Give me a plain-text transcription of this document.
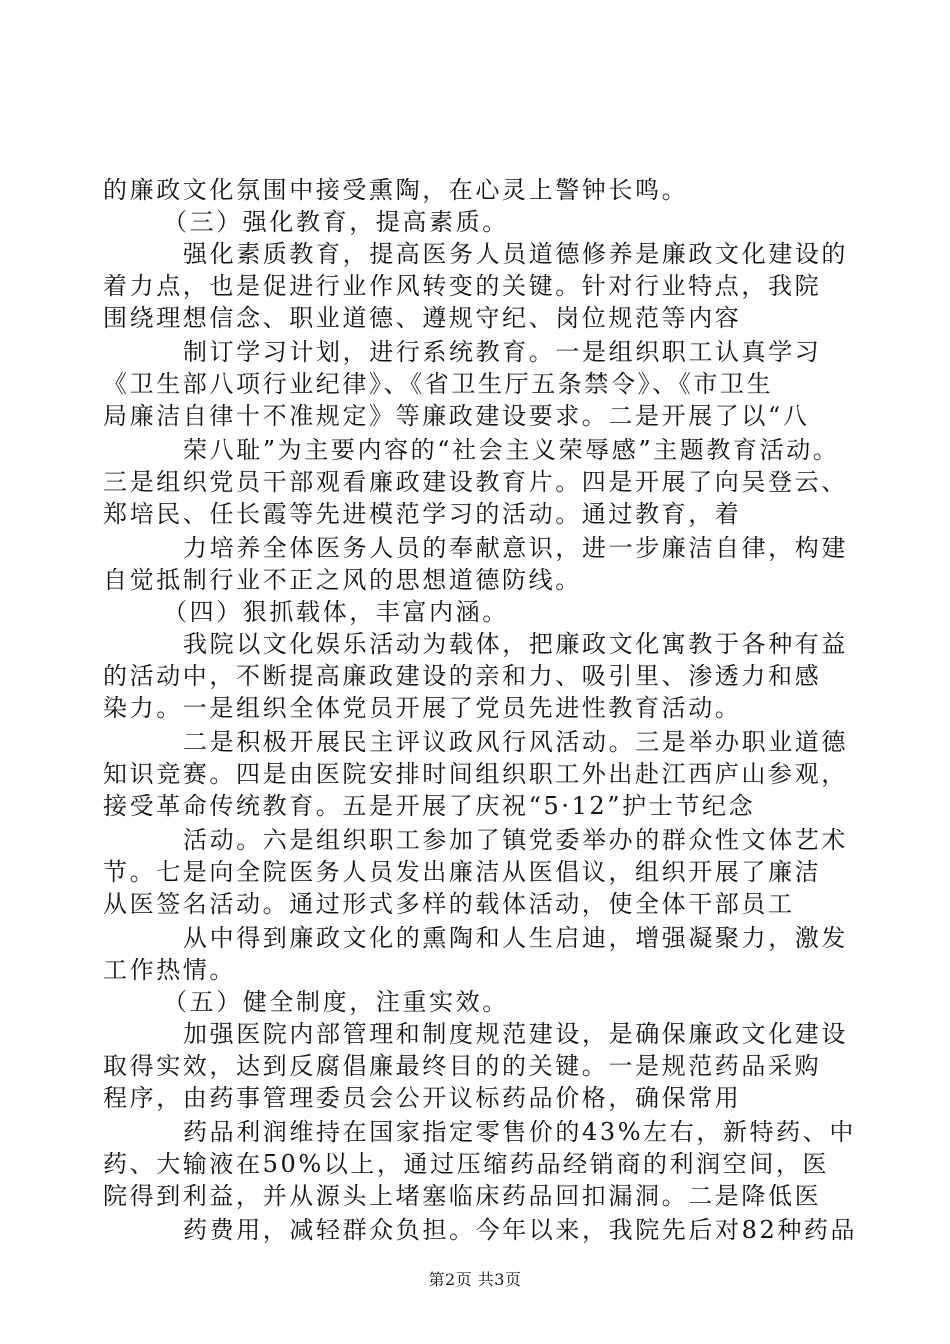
的廉政文化氛围中接受熏陶，在心灵上警钟长鸣。
（三）强化教育，提高素质。
强化素质教育，提高医务人员道德修养是廉政文化建设的
着力点，也是促进行业作风转变的关键。针对行业特点，我院
围绕理想信念、职业道德、遵规守纪、岗位规范等内容
制订学习计划，进行系统教育。一是组织职工认真学习
《卫生部八项行业纪律》、《省卫生厅五条禁令》、《市卫生
局廉洁自律十不准规定》等廉政建设要求。二是开展了以“八
荣八耻”为主要内容的“社会主义荣辱感”主题教育活动。
三是组织党员干部观看廉政建设教育片。四是开展了向吴登云、
郑培民、任长霞等先进模范学习的活动。通过教育，着
力培养全体医务人员的奉献意识，进一步廉洁自律，构建
自觉抵制行业不正之风的思想道德防线。
（四）狠抓载体，丰富内涵。
我院以文化娱乐活动为载体，把廉政文化寓教于各种有益
的活动中，不断提高廉政建设的亲和力、吸引里、渗透力和感
染力。一是组织全体党员开展了党员先进性教育活动。
二是积极开展民主评议政风行风活动。三是举办职业道德
知识竞赛。四是由医院安排时间组织职工外出赴江西庐山参观，
接受革命传统教育。五是开展了庆祝“5·12”护士节纪念
活动。六是组织职工参加了镇党委举办的群众性文体艺术
节。七是向全院医务人员发出廉洁从医倡议，组织开展了廉洁
从医签名活动。通过形式多样的载体活动，使全体干部员工
从中得到廉政文化的熏陶和人生启迪，增强凝聚力，激发
工作热情。
（五）健全制度，注重实效。
加强医院内部管理和制度规范建设，是确保廉政文化建设
取得实效，达到反腐倡廉最终目的的关键。一是规范药品采购
程序，由药事管理委员会公开议标药品价格，确保常用
药品利润维持在国家指定零售价的43%左右，新特药、中
药、大输液在50%以上，通过压缩药品经销商的利润空间，医
院得到利益，并从源头上堵塞临床药品回扣漏洞。二是降低医
药费用，减轻群众负担。今年以来，我院先后对82种药品
第2页 共3页
